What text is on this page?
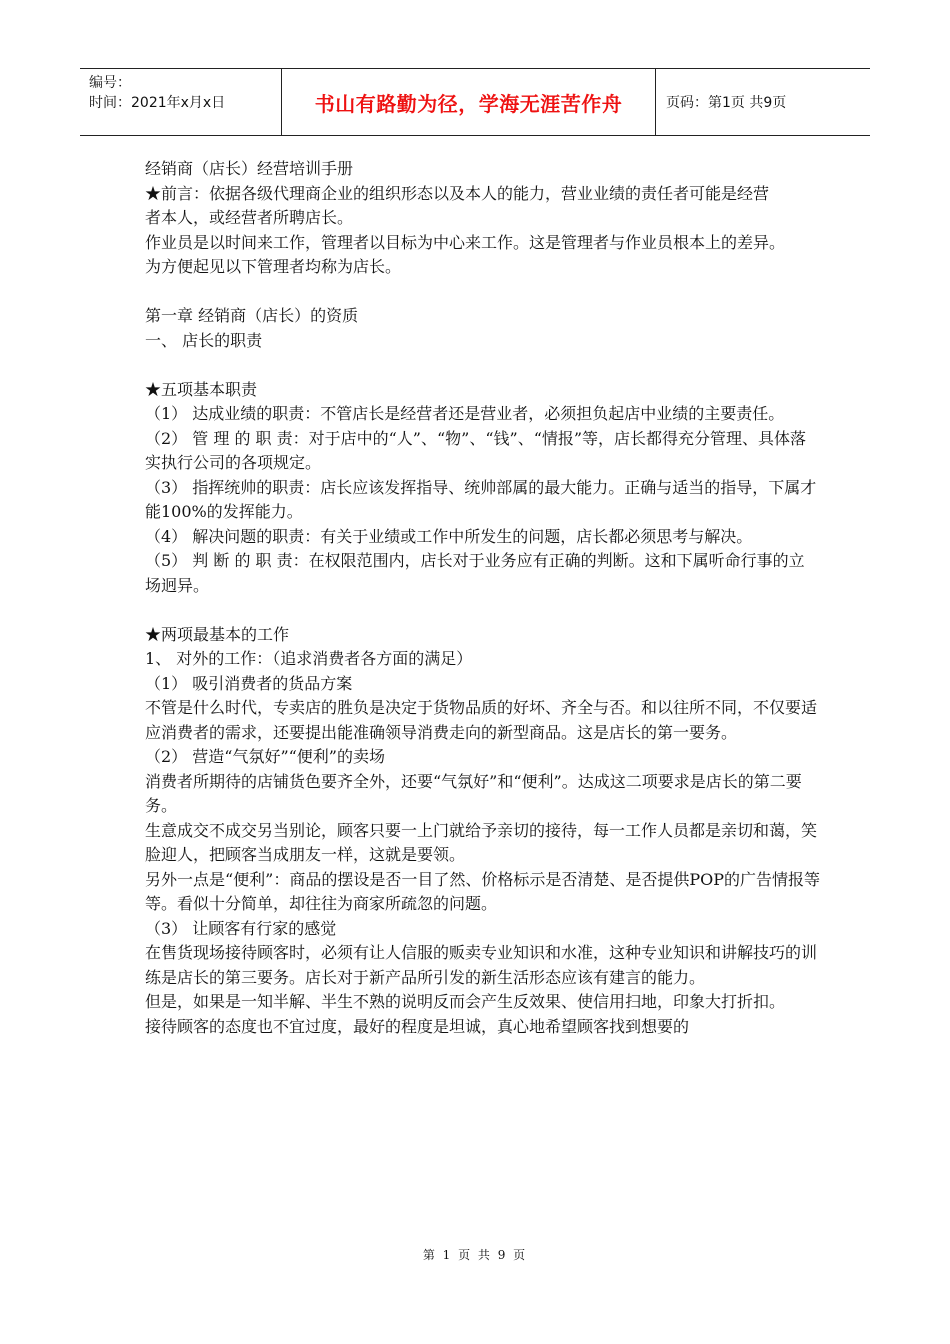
编号：
时间：2021年x月x日	书山有路勤为径，学海无涯苦作舟	页码：第1页 共9页

经销商（店长）经营培训手册

★前言：依据各级代理商企业的组织形态以及本人的能力，营业业绩的责任者可能是经营

者本人，或经营者所聘店长。

作业员是以时间来工作，管理者以目标为中心来工作。这是管理者与作业员根本上的差异。

为方便起见以下管理者均称为店长。

第一章 经销商（店长）的资质

一、 店长的职责

★五项基本职责

（1） 达成业绩的职责：不管店长是经营者还是营业者，必须担负起店中业绩的主要责任。

（2） 管 理 的 职 责：对于店中的“人”、“物”、“钱”、“情报”等，店长都得充分管理、具体落实执行公司的各项规定。

（3） 指挥统帅的职责：店长应该发挥指导、统帅部属的最大能力。正确与适当的指导，下属才能100%的发挥能力。

（4） 解决问题的职责：有关于业绩或工作中所发生的问题，店长都必须思考与解决。

（5） 判 断 的 职 责：在权限范围内，店长对于业务应有正确的判断。这和下属听命行事的立场迥异。

★两项最基本的工作

1、 对外的工作：（追求消费者各方面的满足）

（1） 吸引消费者的货品方案

不管是什么时代，专卖店的胜负是决定于货物品质的好坏、齐全与否。和以往所不同，不仅要适应消费者的需求，还要提出能准确领导消费走向的新型商品。这是店长的第一要务。

（2） 营造“气氛好”“便利”的卖场

消费者所期待的店铺货色要齐全外，还要“气氛好”和“便利”。达成这二项要求是店长的第二要务。

生意成交不成交另当别论，顾客只要一上门就给予亲切的接待，每一工作人员都是亲切和蔼，笑脸迎人，把顾客当成朋友一样，这就是要领。

另外一点是“便利”：商品的摆设是否一目了然、价格标示是否清楚、是否提供POP的广告情报等等。看似十分简单，却往往为商家所疏忽的问题。

（3） 让顾客有行家的感觉

在售货现场接待顾客时，必须有让人信服的贩卖专业知识和水准，这种专业知识和讲解技巧的训练是店长的第三要务。店长对于新产品所引发的新生活形态应该有建言的能力。

但是，如果是一知半解、半生不熟的说明反而会产生反效果、使信用扫地，印象大打折扣。

接待顾客的态度也不宜过度，最好的程度是坦诚，真心地希望顾客找到想要的

第 1 页 共 9 页
